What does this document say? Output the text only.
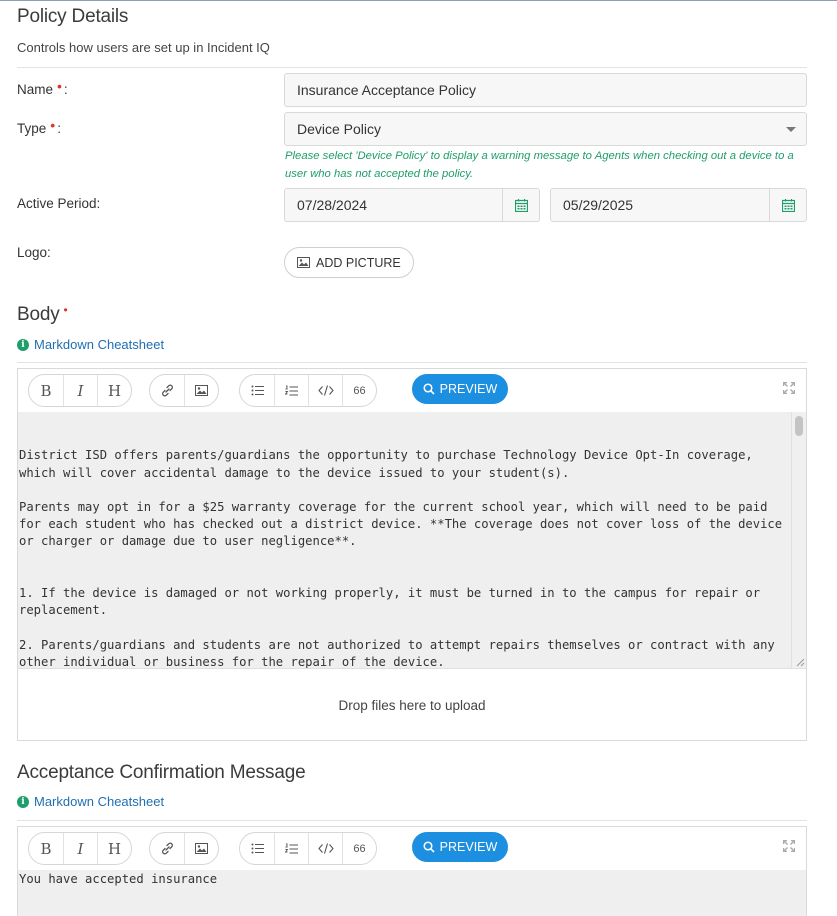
Policy Details
Controls how users are set up in Incident IQ
Name • :	Insurance Acceptance Policy
Type • :	Device Policy
Please select 'Device Policy' to display a warning message to Agents when checking out a device to a user who has not accepted the policy.
Active Period:	07/28/2024	05/29/2025
Logo:
ADD PICTURE
Body •
i Markdown Cheatsheet
B	I	H	66	PREVIEW

District ISD offers parents/guardians the opportunity to purchase Technology Device Opt-In coverage, which will cover accidental damage to the device issued to your student(s).

Parents may opt in for a $25 warranty coverage for the current school year, which will need to be paid for each student who has checked out a district device. **The coverage does not cover loss of the device or charger or damage due to user negligence**.

1. If the device is damaged or not working properly, it must be turned in to the campus for repair or replacement.

2. Parents/guardians and students are not authorized to attempt repairs themselves or contract with any other individual or business for the repair of the device.

Drop files here to upload
Acceptance Confirmation Message
i Markdown Cheatsheet
B	I	H	66	PREVIEW
You have accepted insurance
